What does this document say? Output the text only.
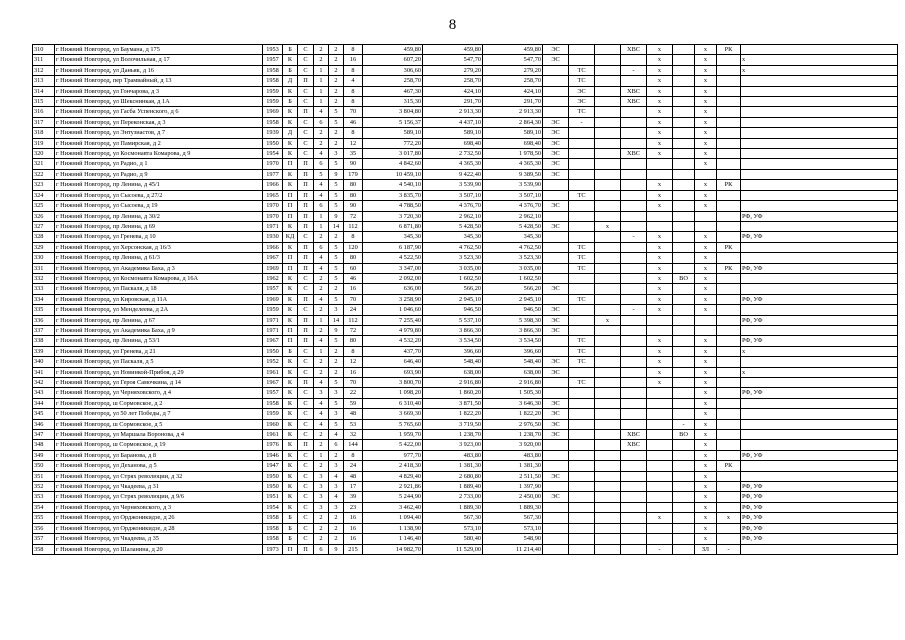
8
310	г Нижний Новгород, ул Бауманa, д 175	1953	Б	С	2	2	8	459,80	459,80	459,80	ЭС			ХВС	х		х	РК	
311	г Нижний Новгород, ул Волочильная, д 17	1957	К	С	2	2	16	607,20	547,70	547,70	ЭС				х		х		х
312	г Нижний Новгород, ул Даньяк, д 16	1958	Б	С	1	2	8	306,60	279,20	279,20		ТС		-	х		х		х
313	г Нижний Новгород, пер Трамвайный, д 13	1958	Д	П	1	2	4	258,70	258,70	258,70		ТС			х		х		
314	г Нижний Новгород, ул Гончарова, д 3	1959	К	С	1	2	8	467,30	424,10	424,10		ЭС		ХВС	х		х		
315	г Нижний Новгород, ул Шекснинкая, д 1А	1959	Б	С	1	2	8	315,30	291,70	291,70		ЭС		ХВС	х		х		
316	г Нижний Новгород, ул Гасба Успенского, д 6	1969	К	П	4	5	70	3 804,80	2 913,30	2 913,30		ТС			х		х		
317	г Нижний Новгород, ул Переконская, д 3	1958	К	С	6	5	46	5 156,37	4 437,10	2 864,30	ЭС	-			х		х		
318	г Нижний Новгород, ул Энтузиастов, д 7	1939	Д	С	2	2	8	589,10	589,10	589,10	ЭС				х		х		
319	г Нижний Новгород, ул Памирская, д 2	1950	К	С	2	2	12	772,20	698,40	698,40	ЭС				х		х		
320	г Нижний Новгород, ул Космонавта Комарова, д 9	1954	К	С	4	3	35	3 017,80	2 732,50	1 978,50	ЭС			ХВС	х		х		
321	г Нижний Новгород, ул Радио, д 1	1970	П	П	6	5	90	4 842,60	4 365,30	4 365,30	ЭС						х		
322	г Нижний Новгород, ул Радио, д 9	1977	К	П	5	9	179	10 459,10	9 422,40	9 389,50	ЭС								
323	г Нижний Новгород, пр Ленина, д 45/1	1966	К	П	4	5	80	4 540,10	3 539,90	3 539,90					х		х	РК	
324	г Нижний Новгород, ул Сысоева, д 27/2	1965	П	П	4	5	80	3 835,70	3 507,10	3 507,10		ТС			х		х		
325	г Нижний Новгород, ул Сысоева, д 19	1970	П	П	6	5	90	4 788,50	4 376,70	4 376,70	ЭС				х		х		
326	г Нижний Новгород, пр Ленина, д 30/2	1970	П	П	1	9	72	3 720,30	2 962,10	2 962,10									РФ, УФ
327	г Нижний Новгород, пр Ленина, д 69	1971	К	П	1	14	112	6 871,80	5 428,50	5 428,50	ЭС		х						
328	г Нижний Новгород, ул Гренева, д 10	1930	КД	С	2	2	8	345,30	345,30	345,30				-	х		х		РФ, УФ
329	г Нижний Новгород, ул Херсонская, д 16/3	1966	К	П	6	5	120	6 187,90	4 762,50	4 762,50		ТС			х		х	РК	
330	г Нижний Новгород, пр Ленина, д 61/3	1967	П	П	4	5	80	4 522,50	3 523,30	3 523,30		ТС			х		х		
331	г Нижний Новгород, ул Академика Баха, д 3	1969	П	П	4	5	60	3 347,00	3 035,00	3 035,00		ТС			х		х	РК	РФ, УФ
332	г Нижний Новгород, ул Космонавта Комарова, д 16А	1962	К	С	2	5	46	2 092,00	1 602,50	1 602,50					х	ВО	х		
333	г Нижний Новгород, ул Паскаля, д 18	1957	К	С	2	2	16	636,00	566,20	566,20	ЭС				х		х		
334	г Нижний Новгород, ул Кировская, д 11А	1969	К	П	4	5	70	3 258,90	2 945,10	2 945,10		ТС			х		х		РФ, УФ
335	г Нижний Новгород, ул Менделеева, д 2А	1959	К	С	2	3	24	1 046,60	946,50	946,50	ЭС			-	х		х		
336	г Нижний Новгород, пр Ленина, д 67	1971	К	П	1	14	112	7 255,40	5 537,10	5 398,30	ЭС		х						РФ, УФ
337	г Нижний Новгород, ул Академика Баха, д 9	1971	П	П	2	9	72	4 979,80	3 866,30	3 866,30	ЭС								
338	г Нижний Новгород, пр Ленина, д 53/1	1967	П	П	4	5	80	4 532,20	3 534,50	3 534,50		ТС			х		х		РФ, УФ
339	г Нижний Новгород, ул Гренева, д 21	1950	Б	С	1	2	8	437,70	396,60	396,60		ТС			х		х		х
340	г Нижний Новгород, ул Паскаля, д 5	1952	К	С	2	2	12	646,40	548,40	548,40	ЭС	ТС			х		х		
341	г Нижний Новгород, ул Новинкой-Прибоя, д 29	1961	К	С	2	2	16	693,90	638,00	638,00	ЭС				х		х		х
342	г Нижний Новгород, ул Героя Самочкина, д 14	1967	К	П	4	5	70	3 800,70	2 916,80	2 916,80		ТС			х		х		
343	г Нижний Новгород, ул Черняховского, д 4	1957	К	С	3	3	22	1 098,20	1 860,20	1 505,30							х		РФ, УФ
344	г Нижний Новгород, ш Сормовское, д 2	1958	К	С	4	5	59	6 310,40	3 871,50	3 646,30	ЭС						х		
345	г Нижний Новгород, ул 50 лет Победы, д 7	1959	К	С	4	3	48	3 669,30	1 822,20	1 822,20	ЭС						х		
346	г Нижний Новгород, ш Сормовское, д 5	1960	К	С	4	5	53	5 765,60	3 719,50	2 976,50	ЭС					-	х		
347	г Нижний Новгород, ул Маршала Воронова, д 4	1961	К	С	2	4	32	1 959,70	1 238,70	1 238,70	ЭС			ХВС		ВО	х		
348	г Нижний Новгород, ш Сормовское, д 19	1976	К	П	2	6	144	5 422,00	3 923,00	3 920,00				ХВС			х		
349	г Нижний Новгород, ул Баранова, д 8	1946	К	С	1	2	8	977,70	483,80	483,80							х		РФ, УФ
350	г Нижний Новгород, ул Деханова, д 5	1947	К	С	2	3	24	2 418,30	1 381,30	1 381,30							х	РК	
351	г Нижний Новгород, ул Стрях революции, д 32	1950	К	С	3	4	48	4 829,40	2 680,80	2 511,50	ЭС						х		
352	г Нижний Новгород, ул Чкадеева, д 31	1950	К	С	3	3	17	2 921,86	1 889,40	1 397,90							х		РФ, УФ
353	г Нижний Новгород, ул Стрях революции, д 9/6	1951	К	С	3	4	39	5 244,90	2 733,00	2 450,00	ЭС						х		РФ, УФ
354	г Нижний Новгород, ул Черняховского, д 3	1954	К	С	3	3	23	3 462,40	1 889,30	1 889,30							х		РФ, УФ
355	г Нижний Новгород, ул Орджоникидзе, д 26	1958	Б	С	2	2	16	1 094,40	567,30	567,30					х		х	х	РФ, УФ
356	г Нижний Новгород, ул Орджоникидзе, д 28	1958	Б	С	2	2	16	1 138,90	573,10	573,10							х		РФ, УФ
357	г Нижний Новгород, ул Чкадеева, д 35	1958	Б	С	2	2	16	1 146,40	580,40	548,90							х		РФ, УФ
358	г Нижний Новгород, ул Шаланина, д 20	1973	П	П	6	9	215	14 982,70	11 529,00	11 214,40					-		ЗЛ	-	
